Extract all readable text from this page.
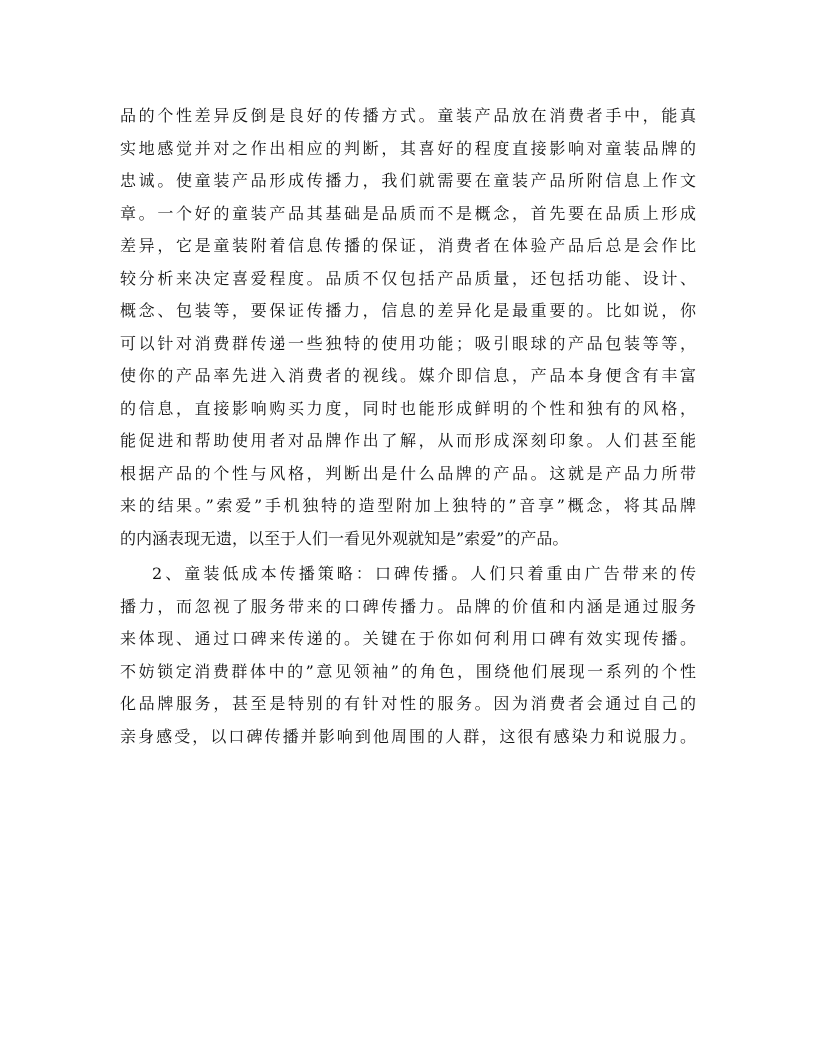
品的个性差异反倒是良好的传播方式。童装产品放在消费者手中，能真
实地感觉并对之作出相应的判断，其喜好的程度直接影响对童装品牌的
忠诚。使童装产品形成传播力，我们就需要在童装产品所附信息上作文
章。一个好的童装产品其基础是品质而不是概念，首先要在品质上形成
差异，它是童装附着信息传播的保证，消费者在体验产品后总是会作比
较分析来决定喜爱程度。品质不仅包括产品质量，还包括功能、设计、
概念、包装等，要保证传播力，信息的差异化是最重要的。比如说，你
可以针对消费群传递一些独特的使用功能；吸引眼球的产品包装等等，
使你的产品率先进入消费者的视线。媒介即信息，产品本身便含有丰富
的信息，直接影响购买力度，同时也能形成鲜明的个性和独有的风格，
能促进和帮助使用者对品牌作出了解，从而形成深刻印象。人们甚至能
根据产品的个性与风格，判断出是什么品牌的产品。这就是产品力所带
来的结果。”索爱”手机独特的造型附加上独特的”音享”概念，将其品牌
的内涵表现无遗，以至于人们一看见外观就知是”索爱”的产品。
2、童装低成本传播策略：口碑传播。人们只着重由广告带来的传
播力，而忽视了服务带来的口碑传播力。品牌的价值和内涵是通过服务
来体现、通过口碑来传递的。关键在于你如何利用口碑有效实现传播。
不妨锁定消费群体中的”意见领袖”的角色，围绕他们展现一系列的个性
化品牌服务，甚至是特别的有针对性的服务。因为消费者会通过自己的
亲身感受，以口碑传播并影响到他周围的人群，这很有感染力和说服力。
